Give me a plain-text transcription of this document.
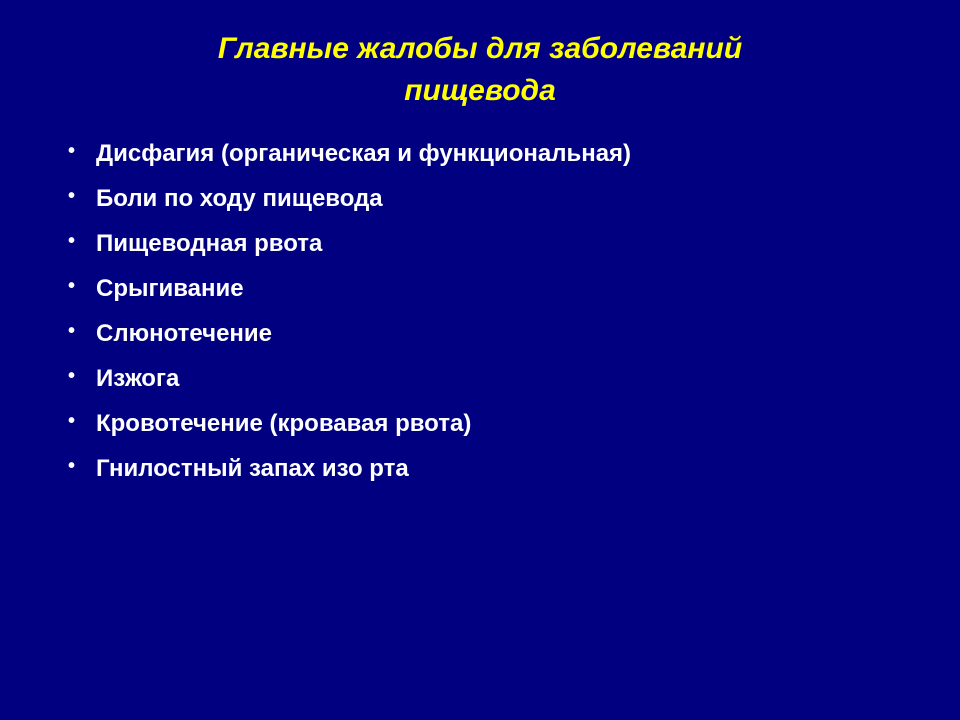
Главные жалобы для заболеваний
пищевода
• Дисфагия (органическая и функциональная)
• Боли по ходу пищевода
• Пищеводная рвота
• Срыгивание
• Слюнотечение
• Изжога
• Кровотечение (кровавая рвота)
• Гнилостный запах изо рта
